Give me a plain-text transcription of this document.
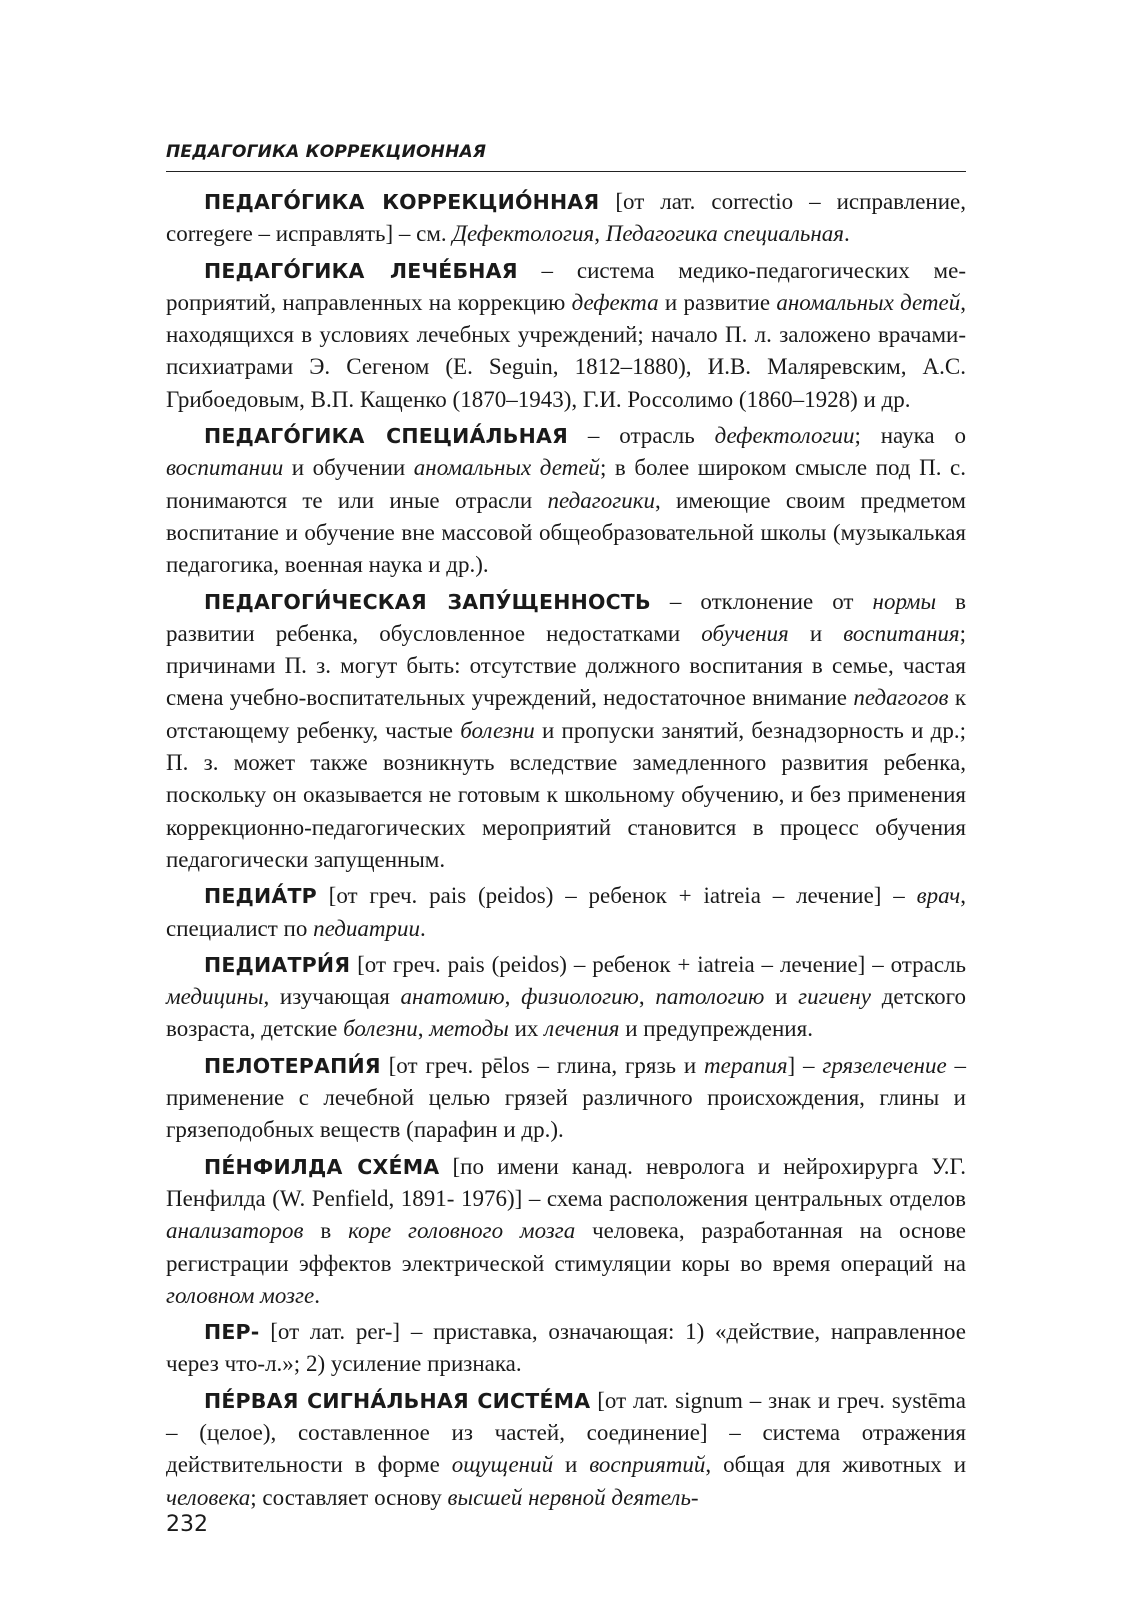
ПЕДАГОГИКА КОРРЕКЦИОННАЯ

ПЕДАГО́ГИКА КОРРЕКЦИО́ННАЯ [от лат. correctio – исправление, corregere – исправлять] – см. Дефектология, Педагогика специальная.

ПЕДАГО́ГИКА ЛЕЧЕ́БНАЯ – система медико-педагогических мероприятий, направленных на коррекцию дефекта и развитие аномальных детей, находящихся в условиях лечебных учреждений; начало П. л. заложено врачами-психиатрами Э. Сегеном (E. Seguin, 1812–1880), И.В. Маляревским, А.С. Грибоедовым, В.П. Кащенко (1870–1943), Г.И. Россолимо (1860–1928) и др.

ПЕДАГО́ГИКА СПЕЦИА́ЛЬНАЯ – отрасль дефектологии; наука о воспитании и обучении аномальных детей; в более широком смысле под П. с. понимаются те или иные отрасли педагогики, имеющие своим предметом воспитание и обучение вне массовой общеобразовательной школы (музыкалькая педагогика, военная наука и др.).

ПЕДАГОГИ́ЧЕСКАЯ ЗАПУ́ЩЕННОСТЬ – отклонение от нормы в развитии ребенка, обусловленное недостатками обучения и воспитания; причинами П. з. могут быть: отсутствие должного воспитания в семье, частая смена учебно-воспитательных учреждений, недостаточное внимание педагогов к отстающему ребенку, частые болезни и пропуски занятий, безнадзорность и др.; П. з. может также возникнуть вследствие замедленного развития ребенка, поскольку он оказывается не готовым к школьному обучению, и без применения коррекционно-педагогических мероприятий становится в процесс обучения педагогически запущенным.

ПЕДИА́ТР [от греч. pais (peidos) – ребенок + iatreia – лечение] – врач, специалист по педиатрии.

ПЕДИАТРИ́Я [от греч. pais (peidos) – ребенок + iatreia – лечение] – отрасль медицины, изучающая анатомию, физиологию, патологию и гигиену детского возраста, детские болезни, методы их лечения и предупреждения.

ПЕЛОТЕРАПИ́Я [от греч. pēlos – глина, грязь и терапия] – грязелечение – применение с лечебной целью грязей различного происхождения, глины и грязеподобных веществ (парафин и др.).

ПЕ́НФИЛДА СХЕ́МА [по имени канад. невролога и нейрохирурга У.Г. Пенфилда (W. Penfield, 1891- 1976)] – схема расположения центральных отделов анализаторов в коре головного мозга человека, разработанная на основе регистрации эффектов электрической стимуляции коры во время операций на головном мозге.

ПЕР- [от лат. per-] – приставка, означающая: 1) «действие, направленное через что-л.»; 2) усиление признака.

ПЕ́РВАЯ СИГНА́ЛЬНАЯ СИСТЕ́МА [от лат. signum – знак и греч. systēma – (целое), составленное из частей, соединение] – система отражения действительности в форме ощущений и восприятий, общая для животных и человека; составляет основу высшей нервной деятель-

232
